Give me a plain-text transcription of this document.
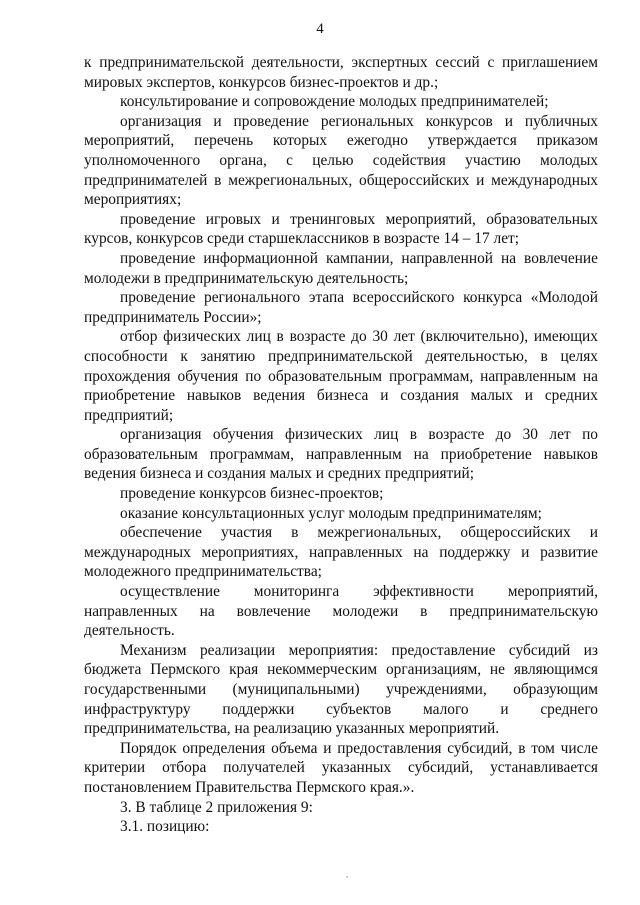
4

к предпринимательской деятельности, экспертных сессий с приглашением мировых экспертов, конкурсов бизнес-проектов и др.;

консультирование и сопровождение молодых предпринимателей;

организация и проведение региональных конкурсов и публичных мероприятий, перечень которых ежегодно утверждается приказом уполномоченного органа, с целью содействия участию молодых предпринимателей в межрегиональных, общероссийских и международных мероприятиях;

проведение игровых и тренинговых мероприятий, образовательных курсов, конкурсов среди старшеклассников в возрасте 14 – 17 лет;

проведение информационной кампании, направленной на вовлечение молодежи в предпринимательскую деятельность;

проведение регионального этапа всероссийского конкурса «Молодой предприниматель России»;

отбор физических лиц в возрасте до 30 лет (включительно), имеющих способности к занятию предпринимательской деятельностью, в целях прохождения обучения по образовательным программам, направленным на приобретение навыков ведения бизнеса и создания малых и средних предприятий;

организация обучения физических лиц в возрасте до 30 лет по образовательным программам, направленным на приобретение навыков ведения бизнеса и создания малых и средних предприятий;

проведение конкурсов бизнес-проектов;

оказание консультационных услуг молодым предпринимателям;

обеспечение участия в межрегиональных, общероссийских и международных мероприятиях, направленных на поддержку и развитие молодежного предпринимательства;

осуществление мониторинга эффективности мероприятий, направленных на вовлечение молодежи в предпринимательскую деятельность.

Механизм реализации мероприятия: предоставление субсидий из бюджета Пермского края некоммерческим организациям, не являющимся государственными (муниципальными) учреждениями, образующим инфраструктуру поддержки субъектов малого и среднего предпринимательства, на реализацию указанных мероприятий.

Порядок определения объема и предоставления субсидий, в том числе критерии отбора получателей указанных субсидий, устанавливается постановлением Правительства Пермского края.».

3. В таблице 2 приложения 9:

3.1. позицию:
